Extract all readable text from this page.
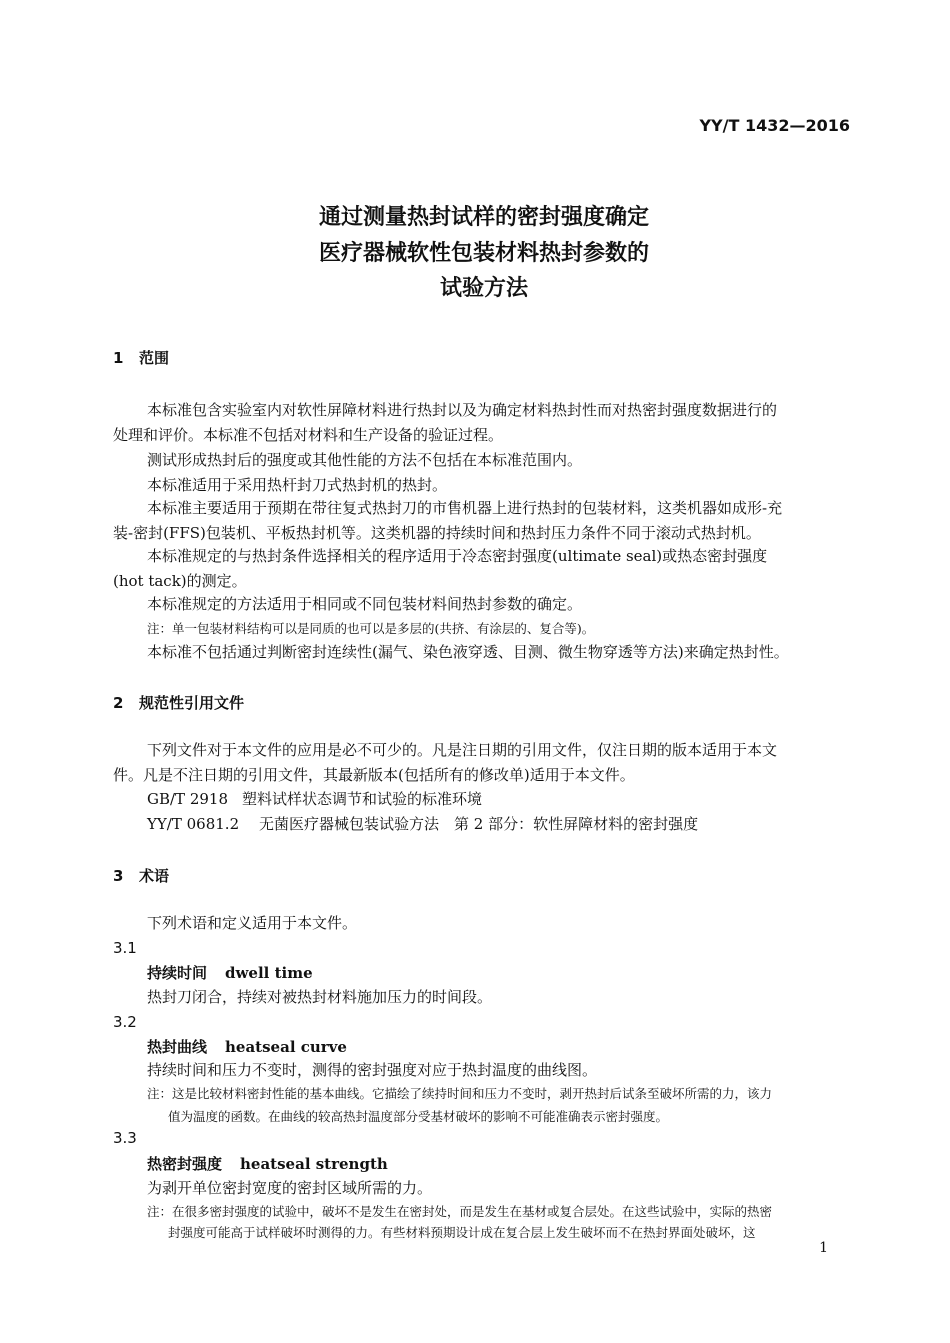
YY/T 1432—2016
通过测量热封试样的密封强度确定
医疗器械软性包装材料热封参数的
试验方法
1 范围
本标准包含实验室内对软性屏障材料进行热封以及为确定材料热封性而对热密封强度数据进行的
处理和评价。本标准不包括对材料和生产设备的验证过程。
测试形成热封后的强度或其他性能的方法不包括在本标准范围内。
本标准适用于采用热杆封刀式热封机的热封。
本标准主要适用于预期在带往复式热封刀的市售机器上进行热封的包装材料，这类机器如成形-充
装-密封(FFS)包装机、平板热封机等。这类机器的持续时间和热封压力条件不同于滚动式热封机。
本标准规定的与热封条件选择相关的程序适用于冷态密封强度(ultimate seal)或热态密封强度
(hot tack)的测定。
本标准规定的方法适用于相同或不同包装材料间热封参数的确定。
注：单一包装材料结构可以是同质的也可以是多层的(共挤、有涂层的、复合等)。
本标准不包括通过判断密封连续性(漏气、染色液穿透、目测、微生物穿透等方法)来确定热封性。
2 规范性引用文件
下列文件对于本文件的应用是必不可少的。凡是注日期的引用文件，仅注日期的版本适用于本文
件。凡是不注日期的引用文件，其最新版本(包括所有的修改单)适用于本文件。
GB/T 2918 塑料试样状态调节和试验的标准环境
YY/T 0681.2 无菌医疗器械包装试验方法　第 2 部分：软性屏障材料的密封强度
3 术语
下列术语和定义适用于本文件。
3.1
持续时间 dwell time
热封刀闭合，持续对被热封材料施加压力的时间段。
3.2
热封曲线 heatseal curve
持续时间和压力不变时，测得的密封强度对应于热封温度的曲线图。
注：这是比较材料密封性能的基本曲线。它描绘了续持时间和压力不变时，剥开热封后试条至破坏所需的力，该力
值为温度的函数。在曲线的较高热封温度部分受基材破坏的影响不可能准确表示密封强度。
3.3
热密封强度 heatseal strength
为剥开单位密封宽度的密封区域所需的力。
注：在很多密封强度的试验中，破坏不是发生在密封处，而是发生在基材或复合层处。在这些试验中，实际的热密
封强度可能高于试样破坏时测得的力。有些材料预期设计成在复合层上发生破坏而不在热封界面处破坏，这
1
